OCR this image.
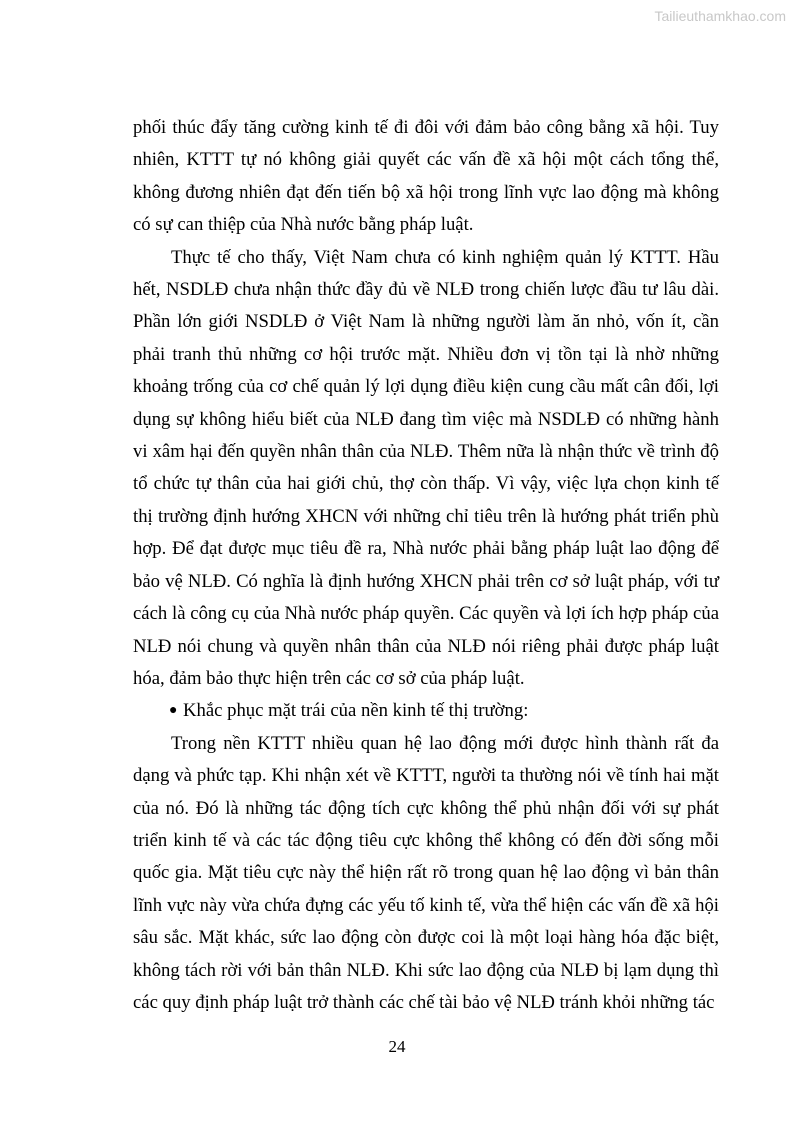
Tailieuthamkhao.com

phối thúc đẩy tăng cường kinh tế đi đôi với đảm bảo công bằng xã hội. Tuy nhiên, KTTT tự nó không giải quyết các vấn đề xã hội một cách tổng thể, không đương nhiên đạt đến tiến bộ xã hội trong lĩnh vực lao động mà không có sự can thiệp của Nhà nước bằng pháp luật.

Thực tế cho thấy, Việt Nam chưa có kinh nghiệm quản lý KTTT. Hầu hết, NSDLĐ chưa nhận thức đầy đủ về NLĐ trong chiến lược đầu tư lâu dài. Phần lớn giới NSDLĐ ở Việt Nam là những người làm ăn nhỏ, vốn ít, cần phải tranh thủ những cơ hội trước mặt. Nhiều đơn vị tồn tại là nhờ những khoảng trống của cơ chế quản lý lợi dụng điều kiện cung cầu mất cân đối, lợi dụng sự không hiểu biết của NLĐ đang tìm việc mà NSDLĐ có những hành vi xâm hại đến quyền nhân thân của NLĐ. Thêm nữa là nhận thức về trình độ tổ chức tự thân của hai giới chủ, thợ còn thấp. Vì vậy, việc lựa chọn kinh tế thị trường định hướng XHCN với những chỉ tiêu trên là hướng phát triển phù hợp. Để đạt được mục tiêu đề ra, Nhà nước phải bằng pháp luật lao động để bảo vệ NLĐ. Có nghĩa là định hướng XHCN phải trên cơ sở luật pháp, với tư cách là công cụ của Nhà nước pháp quyền. Các quyền và lợi ích hợp pháp của NLĐ nói chung và quyền nhân thân của NLĐ nói riêng phải được pháp luật hóa, đảm bảo thực hiện trên các cơ sở của pháp luật.

● Khắc phục mặt trái của nền kinh tế thị trường:

Trong nền KTTT nhiều quan hệ lao động mới được hình thành rất đa dạng và phức tạp. Khi nhận xét về KTTT, người ta thường nói về tính hai mặt của nó. Đó là những tác động tích cực không thể phủ nhận đối với sự phát triển kinh tế và các tác động tiêu cực không thể không có đến đời sống mỗi quốc gia. Mặt tiêu cực này thể hiện rất rõ trong quan hệ lao động vì bản thân lĩnh vực này vừa chứa đựng các yếu tố kinh tế, vừa thể hiện các vấn đề xã hội sâu sắc. Mặt khác, sức lao động còn được coi là một loại hàng hóa đặc biệt, không tách rời với bản thân NLĐ. Khi sức lao động của NLĐ bị lạm dụng thì các quy định pháp luật trở thành các chế tài bảo vệ NLĐ tránh khỏi những tác

24
